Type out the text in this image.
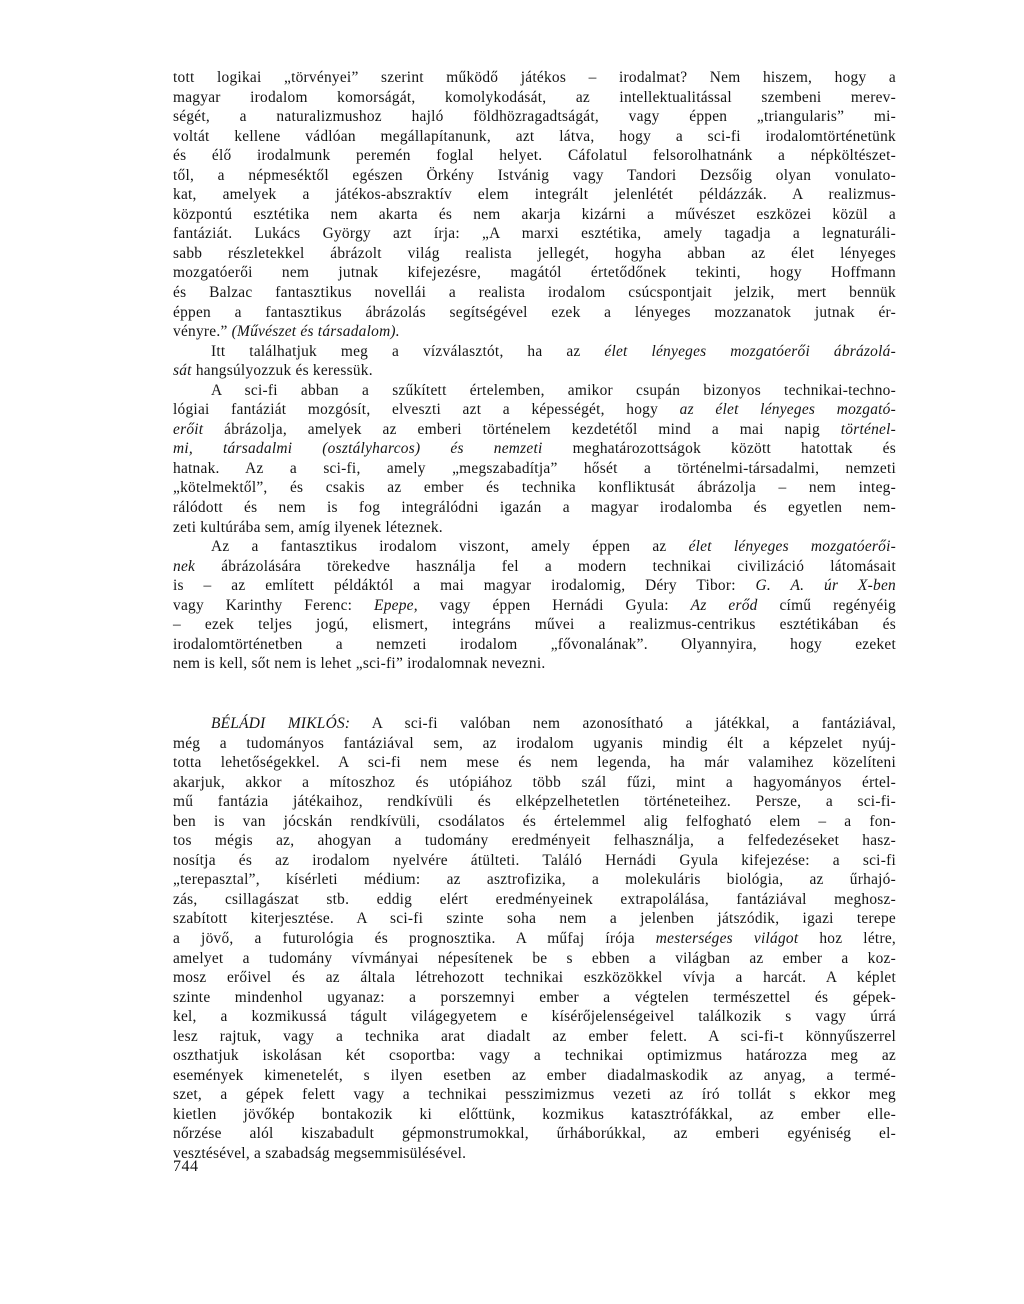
tott logikai „törvényei” szerint működő játékos – irodalmat? Nem hiszem, hogy a
magyar irodalom komorságát, komolykodását, az intellektualitással szembeni merev-
ségét, a naturalizmushoz hajló földhözragadtságát, vagy éppen „triangularis” mi-
voltát kellene vádlóan megállapítanunk, azt látva, hogy a sci-fi irodalomtörténetünk
és élő irodalmunk peremén foglal helyet. Cáfolatul felsorolhatnánk a népköltészet-
től, a népmeséktől egészen Örkény Istvánig vagy Tandori Dezsőig olyan vonulato-
kat, amelyek a játékos-abszraktív elem integrált jelenlétét példázzák. A realizmus-
központú esztétika nem akarta és nem akarja kizárni a művészet eszközei közül a
fantáziát. Lukács György azt írja: „A marxi esztétika, amely tagadja a legnaturáli-
sabb részletekkel ábrázolt világ realista jellegét, hogyha abban az élet lényeges
mozgatóerői nem jutnak kifejezésre, magától értetődőnek tekinti, hogy Hoffmann
és Balzac fantasztikus novellái a realista irodalom csúcspontjait jelzik, mert bennük
éppen a fantasztikus ábrázolás segítségével ezek a lényeges mozzanatok jutnak ér-
vényre.” (Művészet és társadalom).

Itt találhatjuk meg a vízválasztót, ha az élet lényeges mozgatóerői ábrázolá-
sát hangsúlyozzuk és keressük.

A sci-fi abban a szűkített értelemben, amikor csupán bizonyos technikai-techno-
lógiai fantáziát mozgósít, elveszti azt a képességét, hogy az élet lényeges mozgató-
erőit ábrázolja, amelyek az emberi történelem kezdetétől mind a mai napig történel-
mi, társadalmi (osztályharcos) és nemzeti meghatározottságok között hatottak és
hatnak. Az a sci-fi, amely „megszabadítja” hősét a történelmi-társadalmi, nemzeti
„kötelmektől”, és csakis az ember és technika konfliktusát ábrázolja – nem integ-
rálódott és nem is fog integrálódni igazán a magyar irodalomba és egyetlen nem-
zeti kultúrába sem, amíg ilyenek léteznek.

Az a fantasztikus irodalom viszont, amely éppen az élet lényeges mozgatóerői-
nek ábrázolására törekedve használja fel a modern technikai civilizáció látomásait
is – az említett példáktól a mai magyar irodalomig, Déry Tibor: G. A. úr X-ben
vagy Karinthy Ferenc: Epepe, vagy éppen Hernádi Gyula: Az erőd című regényéig
– ezek teljes jogú, elismert, integráns művei a realizmus-centrikus esztétikában és
irodalomtörténetben a nemzeti irodalom „fővonalának”. Olyannyira, hogy ezeket
nem is kell, sőt nem is lehet „sci-fi” irodalomnak nevezni.

BÉLÁDI MIKLÓS: A sci-fi valóban nem azonosítható a játékkal, a fantáziával,
még a tudományos fantáziával sem, az irodalom ugyanis mindig élt a képzelet nyúj-
totta lehetőségekkel. A sci-fi nem mese és nem legenda, ha már valamihez közelíteni
akarjuk, akkor a mítoszhoz és utópiához több szál fűzi, mint a hagyományos értel-
mű fantázia játékaihoz, rendkívüli és elképzelhetetlen történeteihez. Persze, a sci-fi-
ben is van jócskán rendkívüli, csodálatos és értelemmel alig felfogható elem – a fon-
tos mégis az, ahogyan a tudomány eredményeit felhasználja, a felfedezéseket hasz-
nosítja és az irodalom nyelvére átülteti. Találó Hernádi Gyula kifejezése: a sci-fi
„terepasztal”, kísérleti médium: az asztrofizika, a molekuláris biológia, az űrhajó-
zás, csillagászat stb. eddig elért eredményeinek extrapolálása, fantáziával meghosz-
szabított kiterjesztése. A sci-fi szinte soha nem a jelenben játszódik, igazi terepe
a jövő, a futurológia és prognosztika. A műfaj írója mesterséges világot hoz létre,
amelyet a tudomány vívmányai népesítenek be s ebben a világban az ember a koz-
mosz erőivel és az általa létrehozott technikai eszközökkel vívja a harcát. A képlet
szinte mindenhol ugyanaz: a porszemnyi ember a végtelen természettel és gépek-
kel, a kozmikussá tágult világegyetem e kísérőjelenségeivel találkozik s vagy úrrá
lesz rajtuk, vagy a technika arat diadalt az ember felett. A sci-fi-t könnyűszerrel
oszthatjuk iskolásan két csoportba: vagy a technikai optimizmus határozza meg az
események kimenetelét, s ilyen esetben az ember diadalmaskodik az anyag, a termé-
szet, a gépek felett vagy a technikai pesszimizmus vezeti az író tollát s ekkor meg
kietlen jövőkép bontakozik ki előttünk, kozmikus katasztrófákkal, az ember elle-
nőrzése alól kiszabadult gépmonstrumokkal, űrháborúkkal, az emberi egyéniség el-
vesztésével, a szabadság megsemmisülésével.

744
